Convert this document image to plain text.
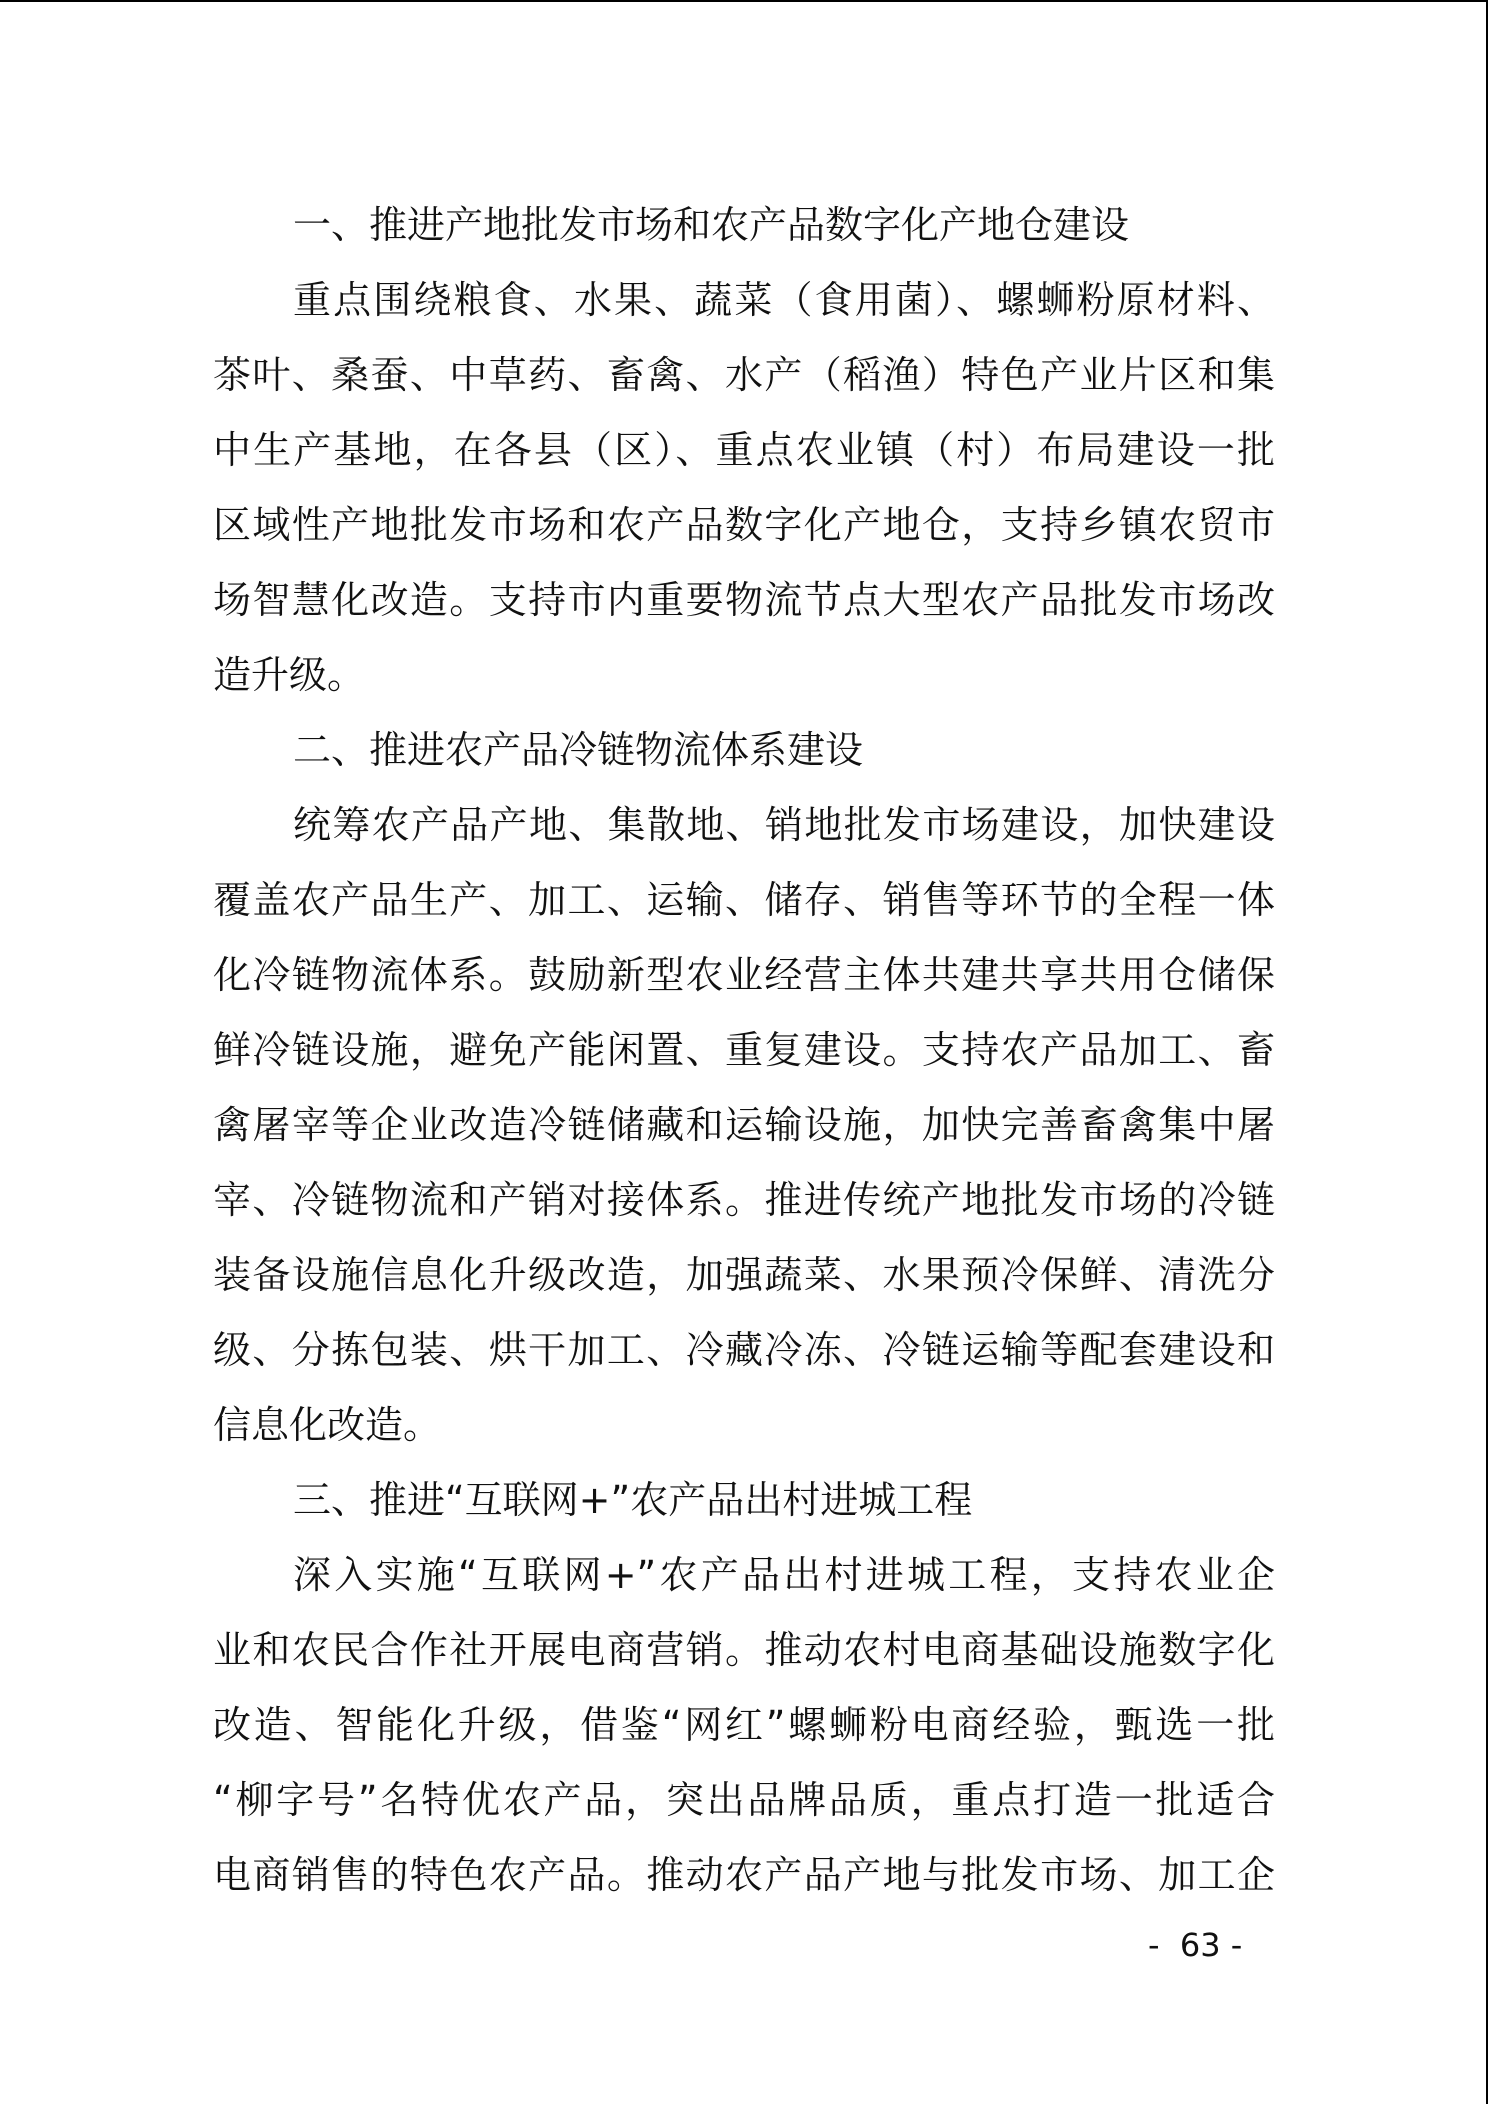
一、推进产地批发市场和农产品数字化产地仓建设
重点围绕粮食、水果、蔬菜（食用菌）、螺蛳粉原材料、
茶叶、桑蚕、中草药、畜禽、水产（稻渔）特色产业片区和集
中生产基地，在各县（区）、重点农业镇（村）布局建设一批
区域性产地批发市场和农产品数字化产地仓，支持乡镇农贸市
场智慧化改造。支持市内重要物流节点大型农产品批发市场改
造升级。
二、推进农产品冷链物流体系建设
统筹农产品产地、集散地、销地批发市场建设，加快建设
覆盖农产品生产、加工、运输、储存、销售等环节的全程一体
化冷链物流体系。鼓励新型农业经营主体共建共享共用仓储保
鲜冷链设施，避免产能闲置、重复建设。支持农产品加工、畜
禽屠宰等企业改造冷链储藏和运输设施，加快完善畜禽集中屠
宰、冷链物流和产销对接体系。推进传统产地批发市场的冷链
装备设施信息化升级改造，加强蔬菜、水果预冷保鲜、清洗分
级、分拣包装、烘干加工、冷藏冷冻、冷链运输等配套建设和
信息化改造。
三、推进“互联网+”农产品出村进城工程
深入实施“互联网+”农产品出村进城工程，支持农业企
业和农民合作社开展电商营销。推动农村电商基础设施数字化
改造、智能化升级，借鉴“网红”螺蛳粉电商经验，甄选一批
“柳字号”名特优农产品，突出品牌品质，重点打造一批适合
电商销售的特色农产品。推动农产品产地与批发市场、加工企
-  63 -
